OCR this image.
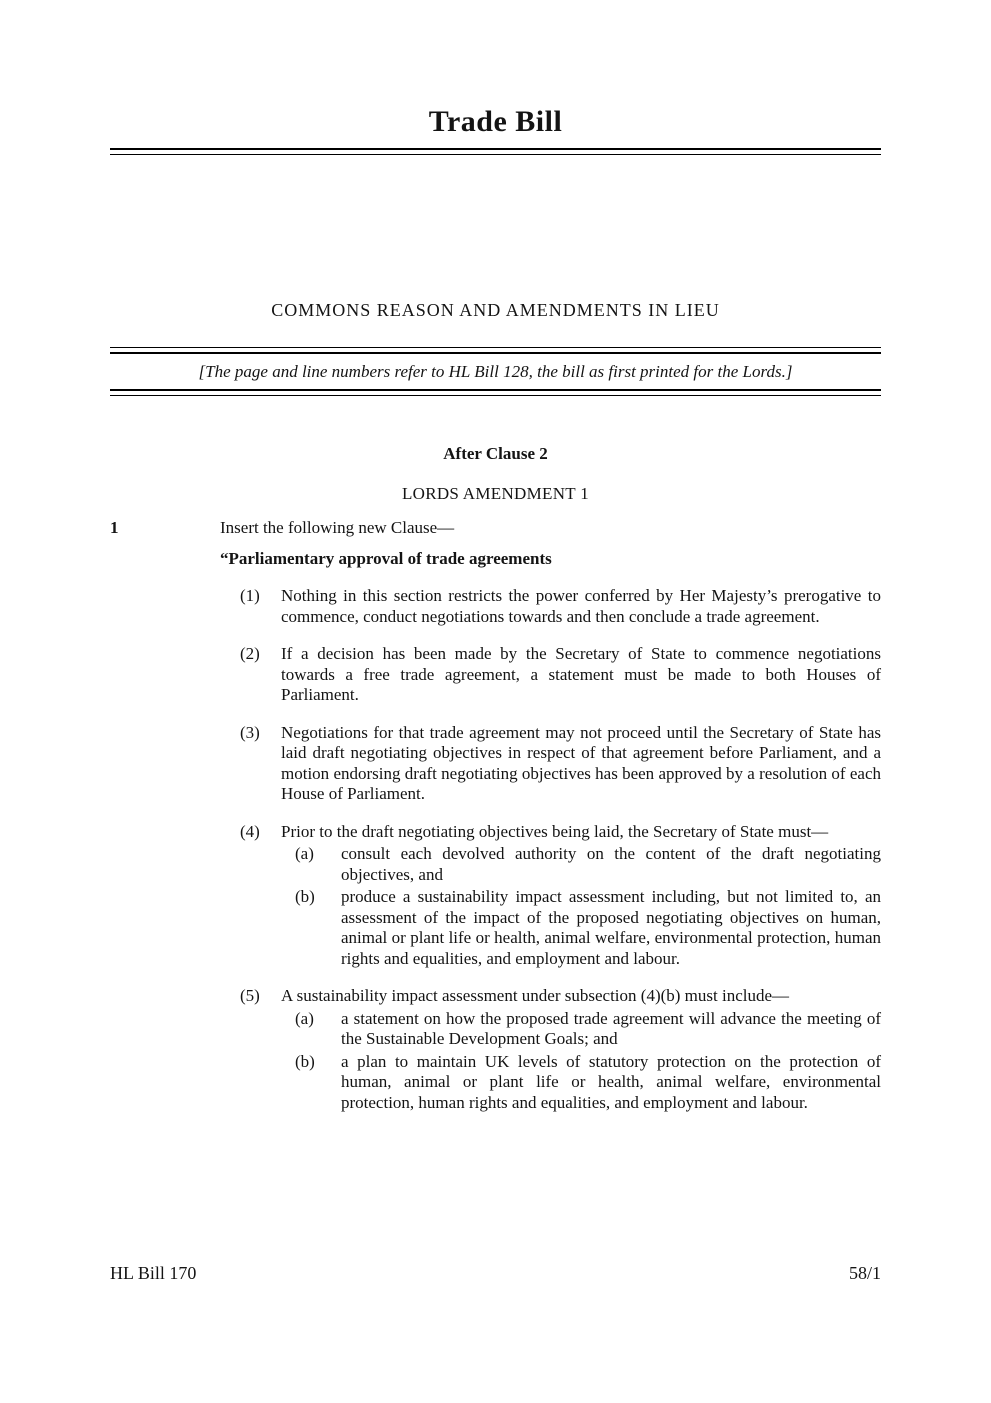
Trade Bill
COMMONS REASON AND AMENDMENTS IN LIEU
[The page and line numbers refer to HL Bill 128, the bill as first printed for the Lords.]
After Clause 2
LORDS AMENDMENT 1
1	Insert the following new Clause—
“Parliamentary approval of trade agreements
(1)	Nothing in this section restricts the power conferred by Her Majesty’s prerogative to commence, conduct negotiations towards and then conclude a trade agreement.
(2)	If a decision has been made by the Secretary of State to commence negotiations towards a free trade agreement, a statement must be made to both Houses of Parliament.
(3)	Negotiations for that trade agreement may not proceed until the Secretary of State has laid draft negotiating objectives in respect of that agreement before Parliament, and a motion endorsing draft negotiating objectives has been approved by a resolution of each House of Parliament.
(4)	Prior to the draft negotiating objectives being laid, the Secretary of State must—
(a)	consult each devolved authority on the content of the draft negotiating objectives, and
(b)	produce a sustainability impact assessment including, but not limited to, an assessment of the impact of the proposed negotiating objectives on human, animal or plant life or health, animal welfare, environmental protection, human rights and equalities, and employment and labour.
(5)	A sustainability impact assessment under subsection (4)(b) must include—
(a)	a statement on how the proposed trade agreement will advance the meeting of the Sustainable Development Goals; and
(b)	a plan to maintain UK levels of statutory protection on the protection of human, animal or plant life or health, animal welfare, environmental protection, human rights and equalities, and employment and labour.
HL Bill 170	58/1
